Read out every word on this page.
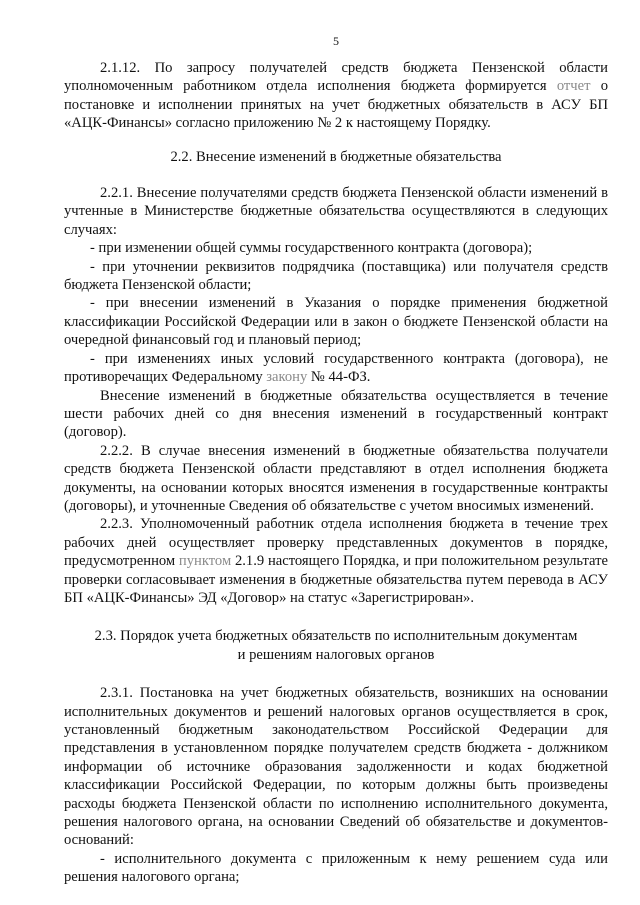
5

2.1.12. По запросу получателей средств бюджета Пензенской области уполномоченным работником отдела исполнения бюджета формируется отчет о постановке и исполнении принятых на учет бюджетных обязательств в АСУ БП «АЦК-Финансы» согласно приложению № 2 к настоящему Порядку.

2.2. Внесение изменений в бюджетные обязательства

2.2.1. Внесение получателями средств бюджета Пензенской области изменений в учтенные в Министерстве бюджетные обязательства осуществляются в следующих случаях:

- при изменении общей суммы государственного контракта (договора);

- при уточнении реквизитов подрядчика (поставщика) или получателя средств бюджета Пензенской области;

- при внесении изменений в Указания о порядке применения бюджетной классификации Российской Федерации или в закон о бюджете Пензенской области на очередной финансовый год и плановый период;

- при изменениях иных условий государственного контракта (договора), не противоречащих Федеральному закону № 44-ФЗ.

Внесение изменений в бюджетные обязательства осуществляется в течение шести рабочих дней со дня внесения изменений в государственный контракт (договор).

2.2.2. В случае внесения изменений в бюджетные обязательства получатели средств бюджета Пензенской области представляют в отдел исполнения бюджета документы, на основании которых вносятся изменения в государственные контракты (договоры), и уточненные Сведения об обязательстве с учетом вносимых изменений.

2.2.3. Уполномоченный работник отдела исполнения бюджета в течение трех рабочих дней осуществляет проверку представленных документов в порядке, предусмотренном пунктом 2.1.9 настоящего Порядка, и при положительном результате проверки согласовывает изменения в бюджетные обязательства путем перевода в АСУ БП «АЦК-Финансы» ЭД «Договор» на статус «Зарегистрирован».

2.3. Порядок учета бюджетных обязательств по исполнительным документам
и решениям налоговых органов

2.3.1. Постановка на учет бюджетных обязательств, возникших на основании исполнительных документов и решений налоговых органов осуществляется в срок, установленный бюджетным законодательством Российской Федерации для представления в установленном порядке получателем средств бюджета - должником информации об источнике образования задолженности и кодах бюджетной классификации Российской Федерации, по которым должны быть произведены расходы бюджета Пензенской области по исполнению исполнительного документа, решения налогового органа, на основании Сведений об обязательстве и документов-оснований:

- исполнительного документа с приложенным к нему решением суда или решения налогового органа;
